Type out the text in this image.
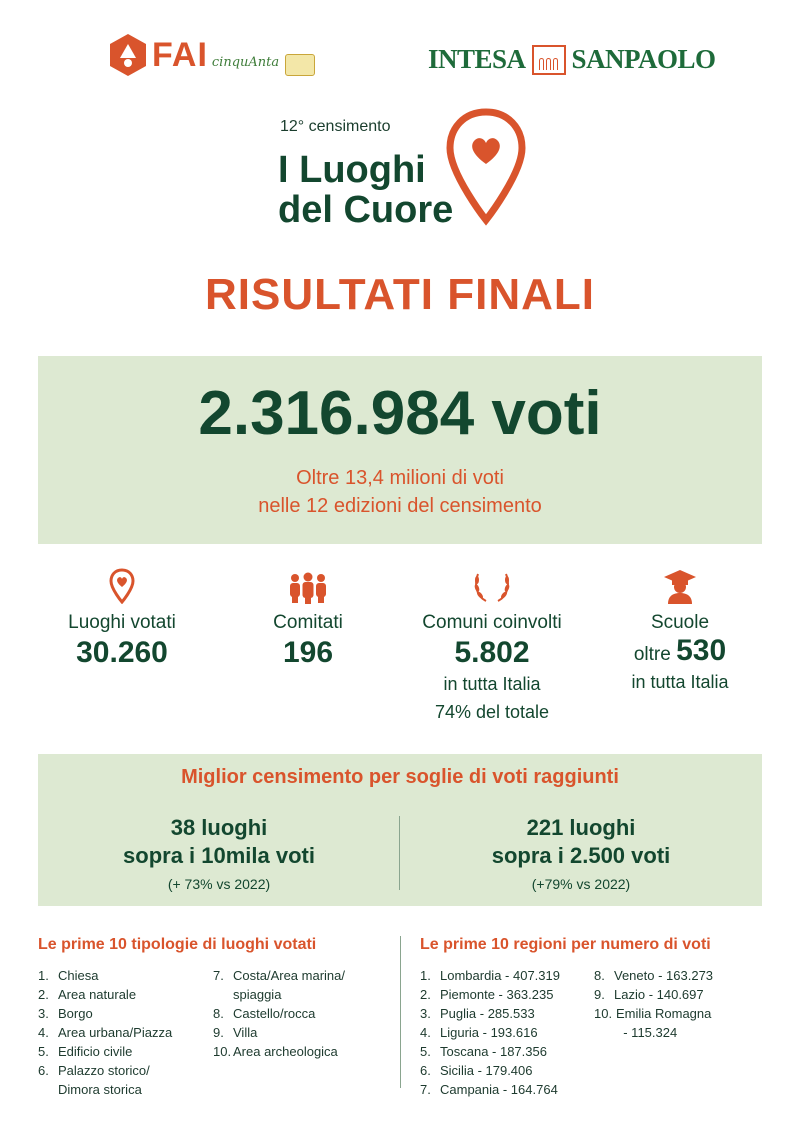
FAI cinquAnta	INTESA SANPAOLO
12° censimento
I Luoghi
del Cuore
RISULTATI FINALI
2.316.984 voti
Oltre 13,4 milioni di voti
nelle 12 edizioni del censimento
Luoghi votati
30.260
Comitati
196
Comuni coinvolti
5.802
in tutta Italia
74% del totale
Scuole
oltre 530
in tutta Italia
Miglior censimento per soglie di voti raggiunti
38 luoghi
sopra i 10mila voti
(+ 73% vs 2022)
221 luoghi
sopra i 2.500 voti
(+79% vs 2022)
Le prime 10 tipologie di luoghi votati	Le prime 10 regioni per numero di voti
1. Chiesa
2. Area naturale
3. Borgo
4. Area urbana/Piazza
5. Edificio civile
6. Palazzo storico/
Dimora storica
7. Costa/Area marina/
spiaggia
8. Castello/rocca
9. Villa
10. Area archeologica
1. Lombardia - 407.319
2. Piemonte - 363.235
3. Puglia - 285.533
4. Liguria - 193.616
5. Toscana - 187.356
6. Sicilia - 179.406
7. Campania - 164.764
8. Veneto - 163.273
9. Lazio - 140.697
10. Emilia Romagna
- 115.324
